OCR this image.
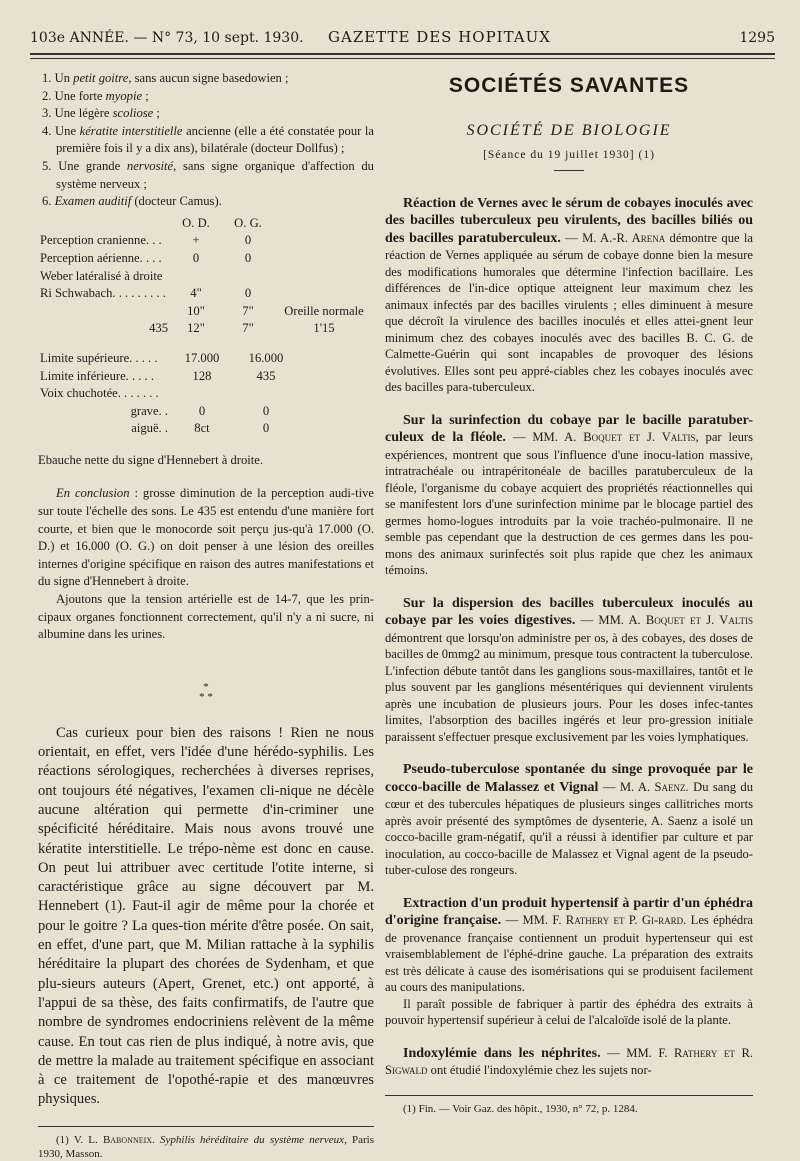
103e ANNÉE. — N° 73, 10 sept. 1930. GAZETTE DES HOPITAUX	1295

1. Un petit goitre, sans aucun signe basedowien ;

2. Une forte myopie ;

3. Une légère scoliose ;

4. Une kératite interstitielle ancienne (elle a été constatée pour la première fois il y a dix ans), bilatérale (docteur Dollfus) ;

5. Une grande nervosité, sans signe organique d'affection du système nerveux ;

6. Examen auditif (docteur Camus).

	O. D.	O. G.	
Perception cranienne. . .	+	0	
Perception aérienne. . . .	0	0	
Weber latéralisé à droite			
Ri Schwabach. . . . . . . . .	4"	0	
	10"	7"	Oreille normale
435	12"	7"	1'15
Limite supérieure. . . . .	17.000	16.000	
Limite inférieure. . . . .	128	435	
Voix chuchotée. . . . . . .			
grave. .	0	0	
aiguë. .	8ct	0	

Ebauche nette du signe d'Hennebert à droite.

En conclusion : grosse diminution de la perception audi-tive sur toute l'échelle des sons. Le 435 est entendu d'une manière fort courte, et bien que le monocorde soit perçu jus-qu'à 17.000 (O. D.) et 16.000 (O. G.) on doit penser à une lésion des oreilles internes d'origine spécifique en raison des autres manifestations et du signe d'Hennebert à droite.

Ajoutons que la tension artérielle est de 14-7, que les prin-cipaux organes fonctionnent correctement, qu'il n'y a ni sucre, ni albumine dans les urines.

*
* *

Cas curieux pour bien des raisons ! Rien ne nous orientait, en effet, vers l'idée d'une hérédo-syphilis. Les réactions sérologiques, recherchées à diverses reprises, ont toujours été négatives, l'examen cli-nique ne décèle aucune altération qui permette d'in-criminer une spécificité héréditaire. Mais nous avons trouvé une kératite interstitielle. Le trépo-nème est donc en cause. On peut lui attribuer avec certitude l'otite interne, si caractéristique grâce au signe découvert par M. Hennebert (1). Faut-il agir de même pour la chorée et pour le goitre ? La ques-tion mérite d'être posée. On sait, en effet, d'une part, que M. Milian rattache à la syphilis héréditaire la plupart des chorées de Sydenham, et que plu-sieurs auteurs (Apert, Grenet, etc.) ont apporté, à l'appui de sa thèse, des faits confirmatifs, de l'autre que nombre de syndromes endocriniens relèvent de la même cause. En tout cas rien de plus indiqué, à notre avis, que de mettre la malade au traitement spécifique en associant à ce traitement de l'opothé-rapie et des manœuvres physiques.

(1) V. L. Babonneix. Syphilis héréditaire du système nerveux, Paris 1930, Masson.

SOCIÉTÉS SAVANTES
SOCIÉTÉ DE BIOLOGIE
[Séance du 19 juillet 1930] (1)

Réaction de Vernes avec le sérum de cobayes inoculés avec des bacilles tuberculeux peu virulents, des bacilles biliés ou des bacilles paratuberculeux. — M. A.-R. Arena démontre que la réaction de Vernes appliquée au sérum de cobaye donne bien la mesure des modifications humorales que détermine l'infection bacillaire. Les différences de l'in-dice optique atteignent leur maximum chez les animaux infectés par des bacilles virulents ; elles diminuent à mesure que décroît la virulence des bacilles inoculés et elles attei-gnent leur minimum chez des cobayes inoculés avec des bacilles B. C. G. de Calmette-Guérin qui sont incapables de provoquer des lésions évolutives. Elles sont peu appré-ciables chez les cobayes inoculés avec des bacilles para-tuberculeux.

Sur la surinfection du cobaye par le bacille paratuber-culeux de la fléole. — MM. A. Boquet et J. Valtis, par leurs expériences, montrent que sous l'influence d'une inocu-lation massive, intratrachéale ou intrapéritonéale de bacilles paratuberculeux de la fléole, l'organisme du cobaye acquiert des propriétés réactionnelles qui se manifestent lors d'une surinfection minime par le blocage partiel des germes homo-logues introduits par la voie trachéo-pulmonaire. Il ne semble pas cependant que la destruction de ces germes dans les pou-mons des animaux surinfectés soit plus rapide que chez les animaux témoins.

Sur la dispersion des bacilles tuberculeux inoculés au cobaye par les voies digestives. — MM. A. Boquet et J. Valtis démontrent que lorsqu'on administre per os, à des cobayes, des doses de bacilles de 0mmg2 au minimum, presque tous contractent la tuberculose. L'infection débute tantôt dans les ganglions sous-maxillaires, tantôt et le plus souvent par les ganglions mésentériques qui deviennent virulents après une incubation de plusieurs jours. Pour les doses infec-tantes limites, l'absorption des bacilles ingérés et leur pro-gression initiale paraissent s'effectuer presque exclusivement par les voies lymphatiques.

Pseudo-tuberculose spontanée du singe provoquée par le cocco-bacille de Malassez et Vignal — M. A. Saenz. Du sang du cœur et des tubercules hépatiques de plusieurs singes callitriches morts après avoir présenté des symptômes de dysenterie, A. Saenz a isolé un cocco-bacille gram-négatif, qu'il a réussi à identifier par culture et par inoculation, au cocco-bacille de Malassez et Vignal agent de la pseudo-tuber-culose des rongeurs.

Extraction d'un produit hypertensif à partir d'un éphédra d'origine française. — MM. F. Rathery et P. Gi-rard. Les éphédra de provenance française contiennent un produit hypertenseur qui est vraisemblablement de l'éphé-drine gauche. La préparation des extraits est très délicate à cause des isomérisations qui se produisent facilement au cours des manipulations.

Il paraît possible de fabriquer à partir des éphédra des extraits à pouvoir hypertensif supérieur à celui de l'alcaloïde isolé de la plante.

Indoxylémie dans les néphrites. — MM. F. Rathery et R. Sigwald ont étudié l'indoxylémie chez les sujets nor-

(1) Fin. — Voir Gaz. des hôpit., 1930, n° 72, p. 1284.
